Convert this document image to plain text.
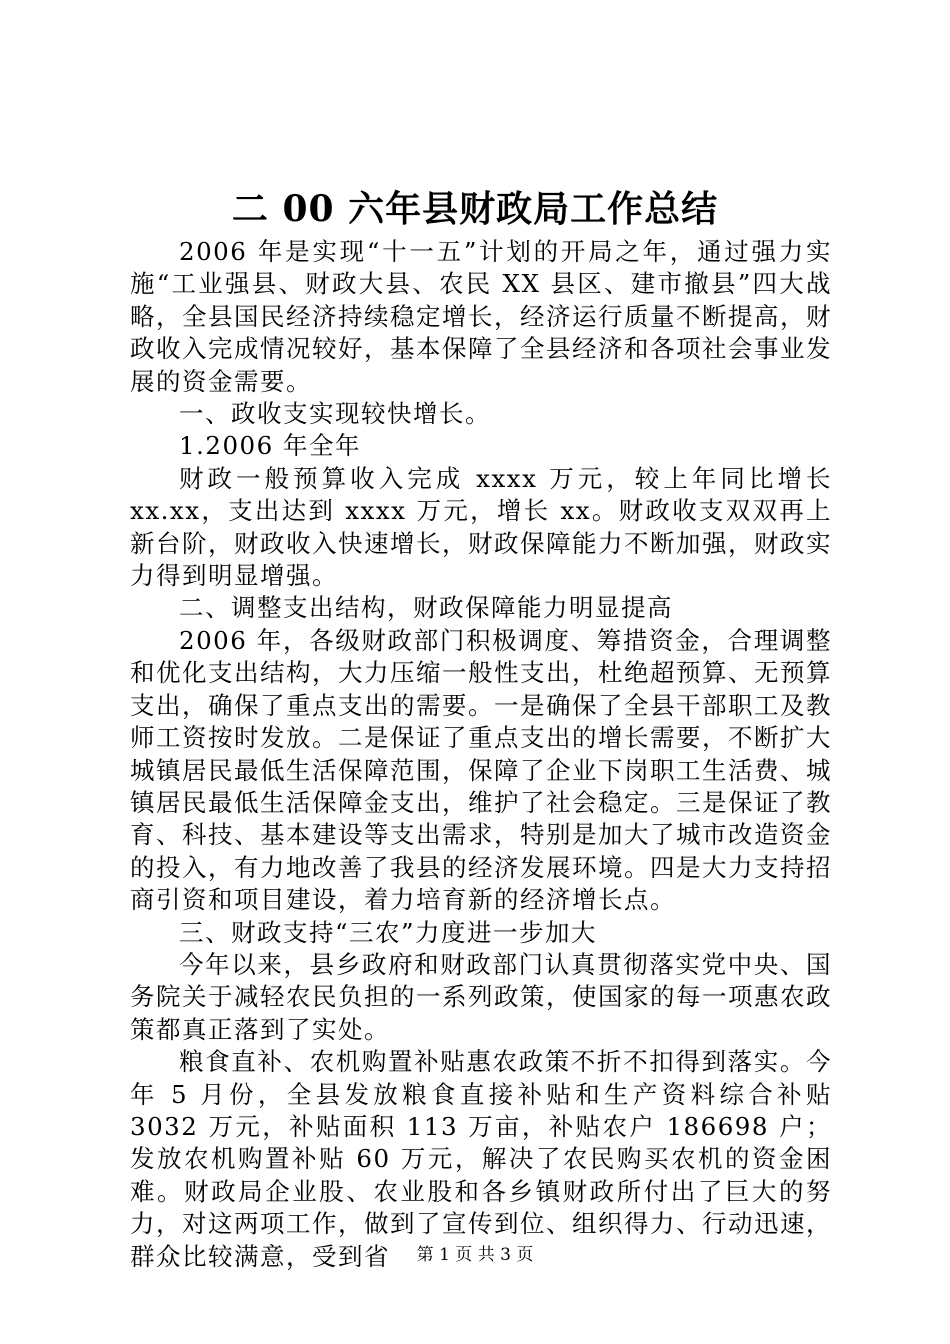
二 00 六年县财政局工作总结

2006 年是实现“十一五”计划的开局之年，通过强力实施“工业强县、财政大县、农民 XX 县区、建市撤县”四大战略，全县国民经济持续稳定增长，经济运行质量不断提高，财政收入完成情况较好，基本保障了全县经济和各项社会事业发展的资金需要。

一、政收支实现较快增长。

1.2006 年全年

财政一般预算收入完成 xxxx 万元，较上年同比增长 xx.xx，支出达到 xxxx 万元，增长 xx。财政收支双双再上新台阶，财政收入快速增长，财政保障能力不断加强，财政实力得到明显增强。

二、调整支出结构，财政保障能力明显提高

2006 年，各级财政部门积极调度、筹措资金，合理调整和优化支出结构，大力压缩一般性支出，杜绝超预算、无预算支出，确保了重点支出的需要。一是确保了全县干部职工及教师工资按时发放。二是保证了重点支出的增长需要，不断扩大城镇居民最低生活保障范围，保障了企业下岗职工生活费、城镇居民最低生活保障金支出，维护了社会稳定。三是保证了教育、科技、基本建设等支出需求，特别是加大了城市改造资金的投入，有力地改善了我县的经济发展环境。四是大力支持招商引资和项目建设，着力培育新的经济增长点。

三、财政支持“三农”力度进一步加大

今年以来，县乡政府和财政部门认真贯彻落实党中央、国务院关于减轻农民负担的一系列政策，使国家的每一项惠农政策都真正落到了实处。

粮食直补、农机购置补贴惠农政策不折不扣得到落实。今年 5 月份，全县发放粮食直接补贴和生产资料综合补贴 3032 万元，补贴面积 113 万亩，补贴农户 186698 户；发放农机购置补贴 60 万元，解决了农民购买农机的资金困难。财政局企业股、农业股和各乡镇财政所付出了巨大的努力，对这两项工作，做到了宣传到位、组织得力、行动迅速，群众比较满意，受到省	第 1 页 共 3 页
